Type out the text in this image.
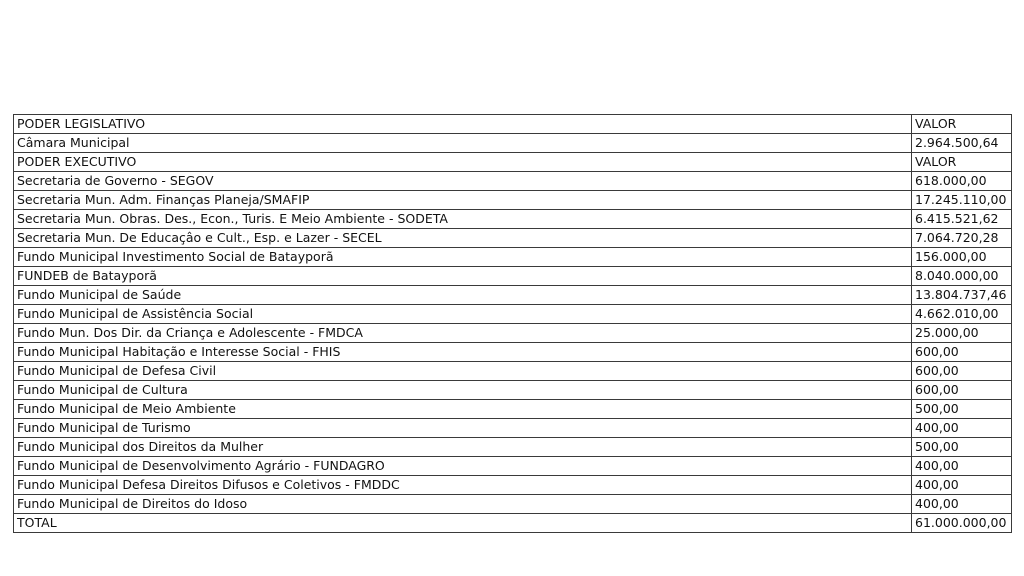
PODER LEGISLATIVO	VALOR
Câmara Municipal	2.964.500,64
PODER EXECUTIVO	VALOR
Secretaria de Governo - SEGOV	618.000,00
Secretaria Mun. Adm. Finanças Planeja/SMAFIP	17.245.110,00
Secretaria Mun. Obras. Des., Econ., Turis. E Meio Ambiente - SODETA	6.415.521,62
Secretaria Mun. De Educaçâo e Cult., Esp. e Lazer - SECEL	7.064.720,28
Fundo Municipal Investimento Social de Batayporã	156.000,00
FUNDEB de Batayporã	8.040.000,00
Fundo Municipal de Saúde	13.804.737,46
Fundo Municipal de Assistência Social	4.662.010,00
Fundo Mun. Dos Dir. da Criança e Adolescente - FMDCA	25.000,00
Fundo Municipal Habitação e Interesse Social - FHIS	600,00
Fundo Municipal de Defesa Civil	600,00
Fundo Municipal de Cultura	600,00
Fundo Municipal de Meio Ambiente	500,00
Fundo Municipal de Turismo	400,00
Fundo Municipal dos Direitos da Mulher	500,00
Fundo Municipal de Desenvolvimento Agrário - FUNDAGRO	400,00
Fundo Municipal Defesa Direitos Difusos e Coletivos - FMDDC	400,00
Fundo Municipal de Direitos do Idoso	400,00
TOTAL	61.000.000,00
